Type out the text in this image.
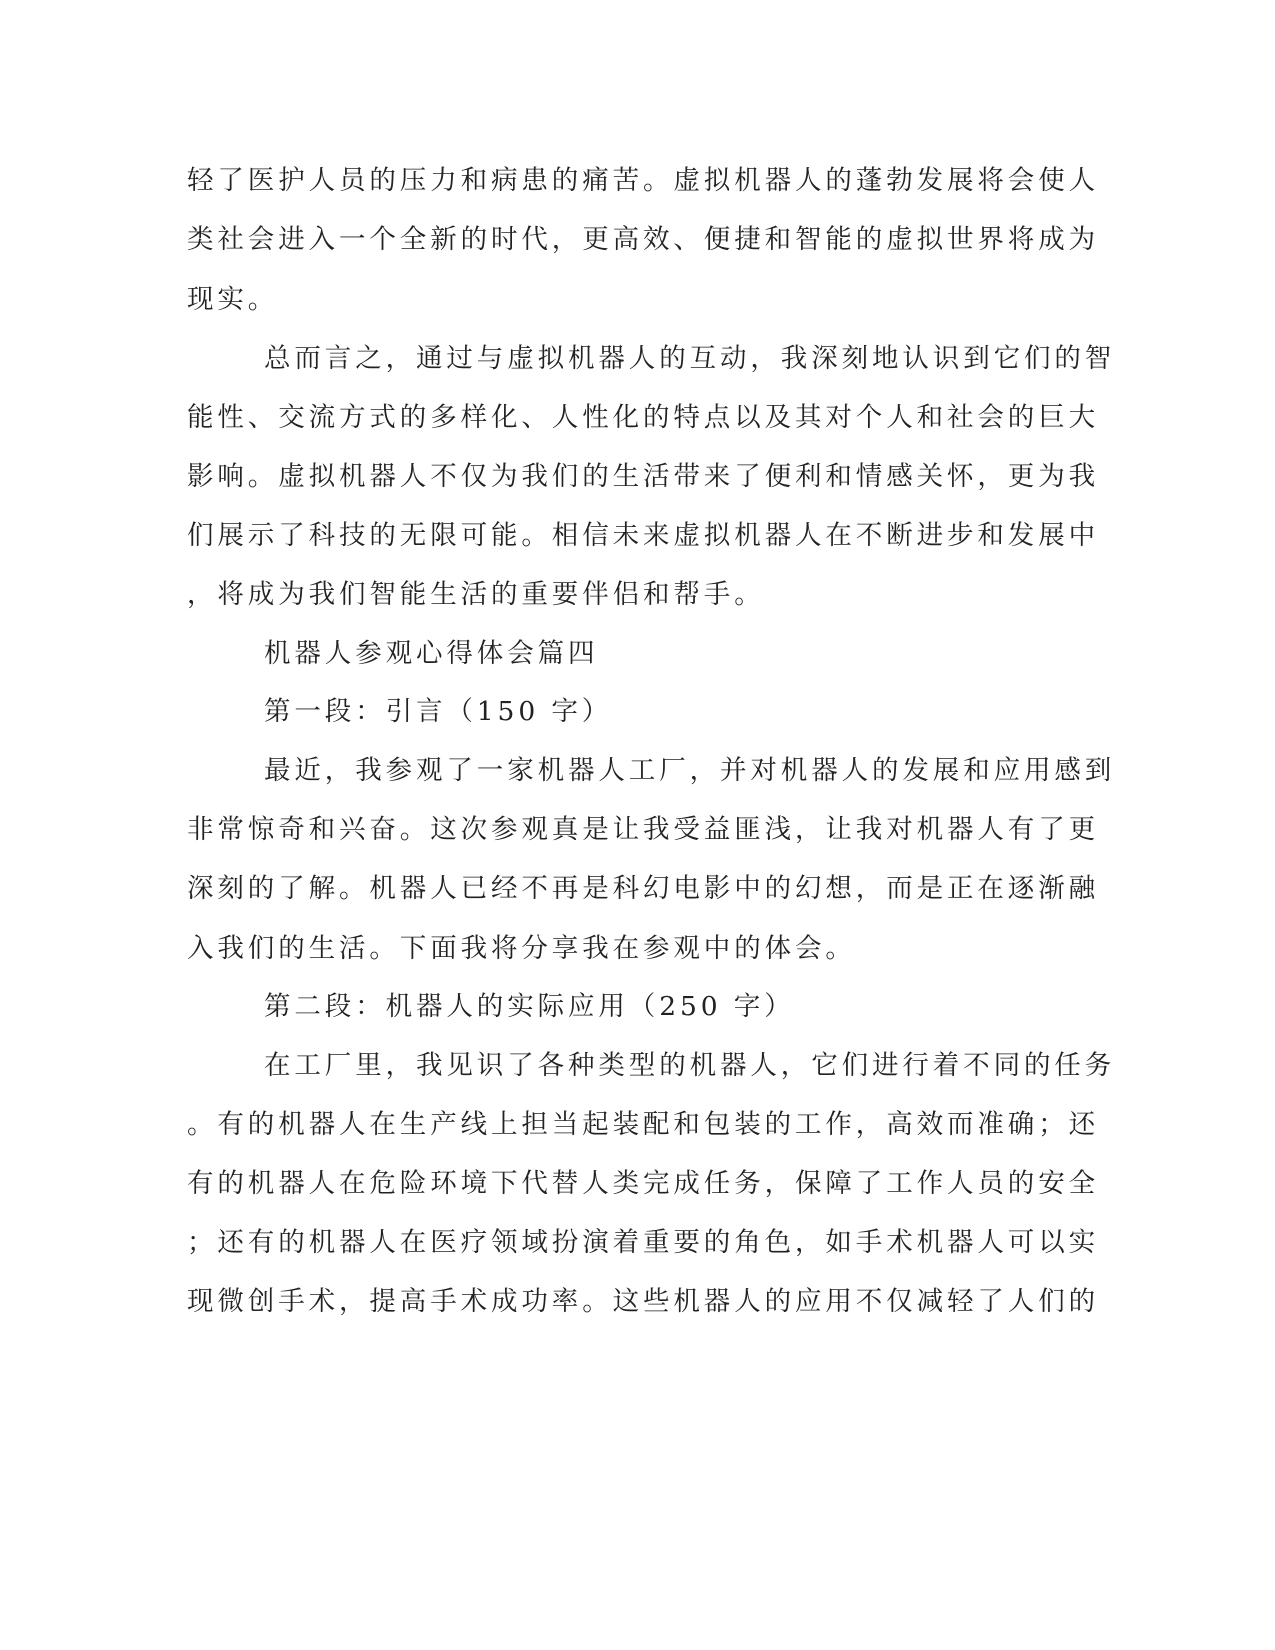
轻了医护人员的压力和病患的痛苦。虚拟机器人的蓬勃发展将会使人
类社会进入一个全新的时代，更高效、便捷和智能的虚拟世界将成为
现实。
总而言之，通过与虚拟机器人的互动，我深刻地认识到它们的智
能性、交流方式的多样化、人性化的特点以及其对个人和社会的巨大
影响。虚拟机器人不仅为我们的生活带来了便利和情感关怀，更为我
们展示了科技的无限可能。相信未来虚拟机器人在不断进步和发展中
，将成为我们智能生活的重要伴侣和帮手。
机器人参观心得体会篇四
第一段：引言（150 字）
最近，我参观了一家机器人工厂，并对机器人的发展和应用感到
非常惊奇和兴奋。这次参观真是让我受益匪浅，让我对机器人有了更
深刻的了解。机器人已经不再是科幻电影中的幻想，而是正在逐渐融
入我们的生活。下面我将分享我在参观中的体会。
第二段：机器人的实际应用（250 字）
在工厂里，我见识了各种类型的机器人，它们进行着不同的任务
。有的机器人在生产线上担当起装配和包装的工作，高效而准确；还
有的机器人在危险环境下代替人类完成任务，保障了工作人员的安全
；还有的机器人在医疗领域扮演着重要的角色，如手术机器人可以实
现微创手术，提高手术成功率。这些机器人的应用不仅减轻了人们的
